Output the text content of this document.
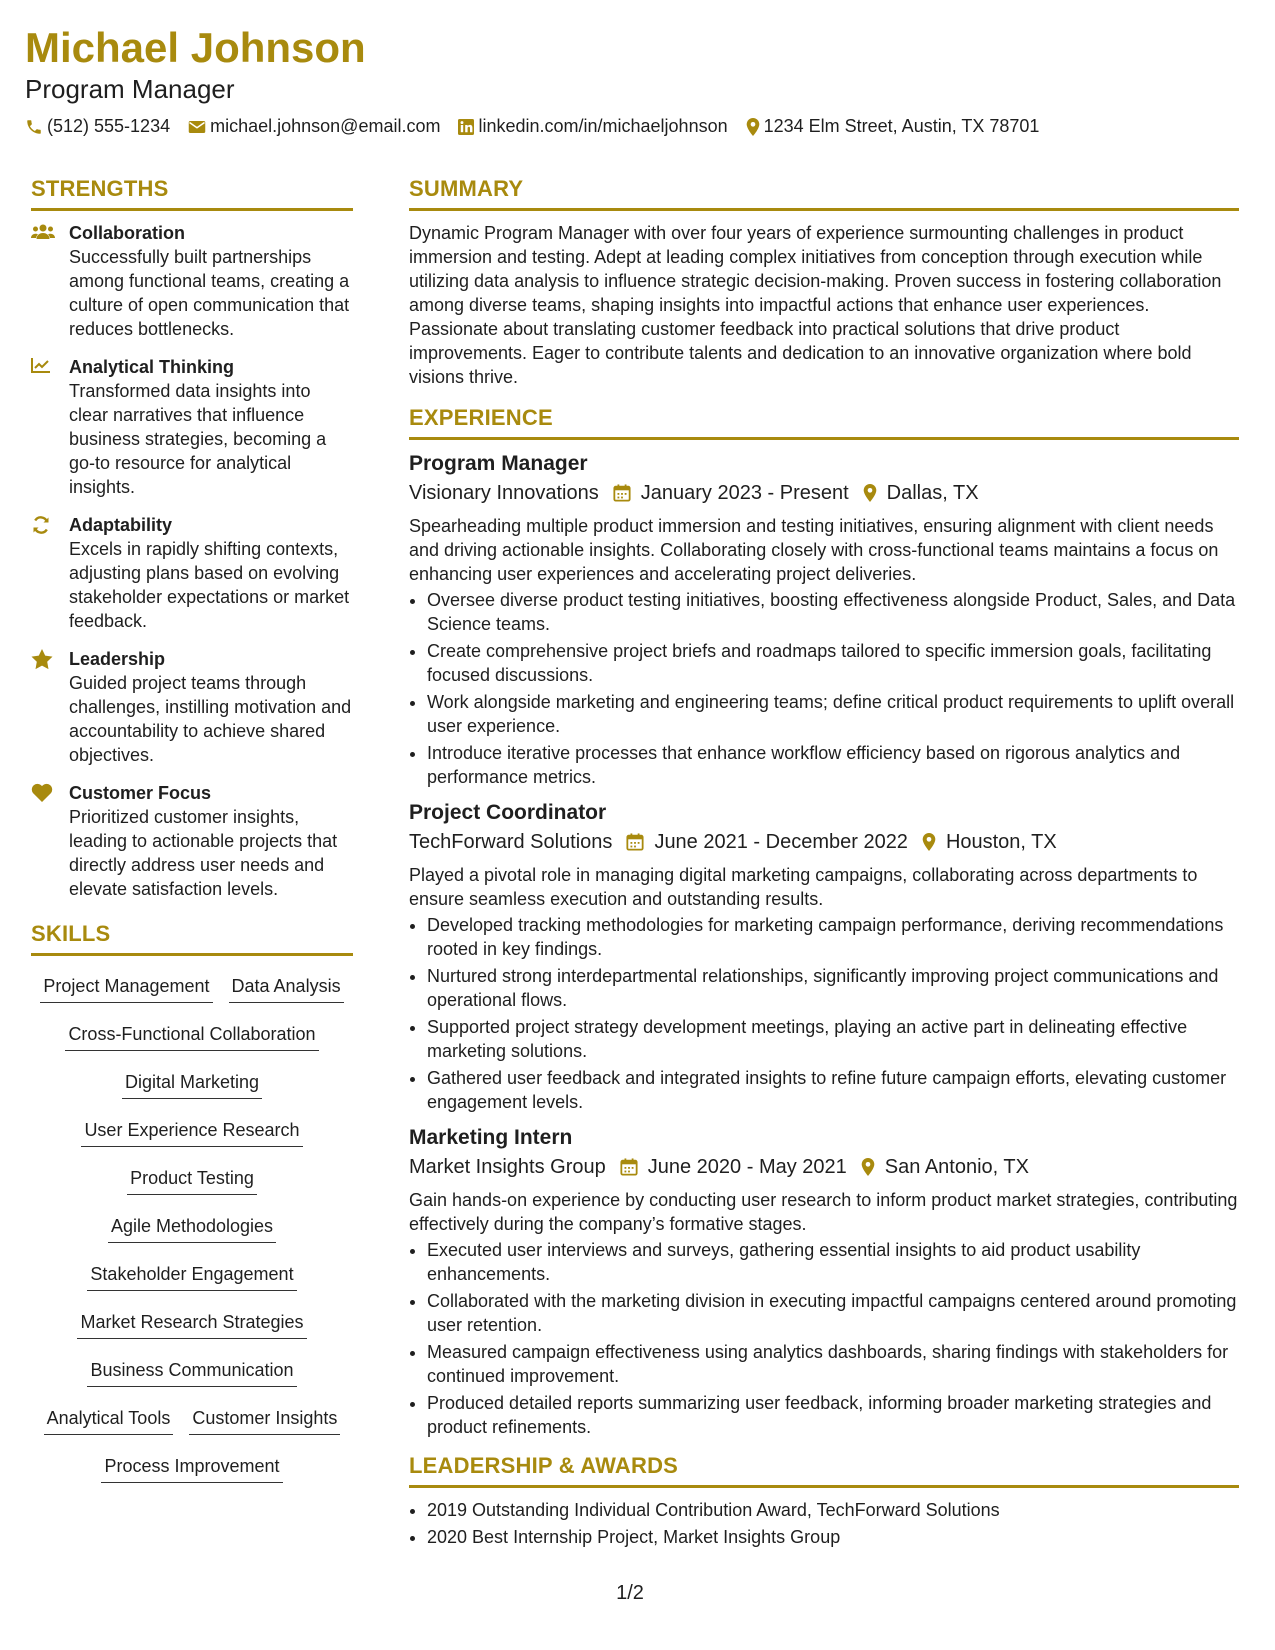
Michael Johnson

Program Manager

(512) 555-1234 michael.johnson@email.com linkedin.com/in/michaeljohnson 1234 Elm Street, Austin, TX 78701
STRENGTHS
Collaboration
Successfully built partnerships among functional teams, creating a culture of open communication that reduces bottlenecks.
Analytical Thinking
Transformed data insights into clear narratives that influence business strategies, becoming a go-to resource for analytical insights.
Adaptability
Excels in rapidly shifting contexts, adjusting plans based on evolving stakeholder expectations or market feedback.
Leadership
Guided project teams through challenges, instilling motivation and accountability to achieve shared objectives.
Customer Focus
Prioritized customer insights, leading to actionable projects that directly address user needs and elevate satisfaction levels.
SKILLS
Project Management Data Analysis
Cross-Functional Collaboration
Digital Marketing
User Experience Research
Product Testing
Agile Methodologies
Stakeholder Engagement
Market Research Strategies
Business Communication
Analytical Tools Customer Insights
Process Improvement
SUMMARY

Dynamic Program Manager with over four years of experience surmounting challenges in product immersion and testing. Adept at leading complex initiatives from conception through execution while utilizing data analysis to influence strategic decision-making. Proven success in fostering collaboration among diverse teams, shaping insights into impactful actions that enhance user experiences. Passionate about translating customer feedback into practical solutions that drive product improvements. Eager to contribute talents and dedication to an innovative organization where bold visions thrive.

EXPERIENCE

Program Manager

Visionary Innovations January 2023 - Present Dallas, TX

Spearheading multiple product immersion and testing initiatives, ensuring alignment with client needs and driving actionable insights. Collaborating closely with cross-functional teams maintains a focus on enhancing user experiences and accelerating project deliveries.

• Oversee diverse product testing initiatives, boosting effectiveness alongside Product, Sales, and Data Science teams.
• Create comprehensive project briefs and roadmaps tailored to specific immersion goals, facilitating focused discussions.
• Work alongside marketing and engineering teams; define critical product requirements to uplift overall user experience.
• Introduce iterative processes that enhance workflow efficiency based on rigorous analytics and performance metrics.

Project Coordinator

TechForward Solutions June 2021 - December 2022 Houston, TX

Played a pivotal role in managing digital marketing campaigns, collaborating across departments to ensure seamless execution and outstanding results.

• Developed tracking methodologies for marketing campaign performance, deriving recommendations rooted in key findings.
• Nurtured strong interdepartmental relationships, significantly improving project communications and operational flows.
• Supported project strategy development meetings, playing an active part in delineating effective marketing solutions.
• Gathered user feedback and integrated insights to refine future campaign efforts, elevating customer engagement levels.

Marketing Intern

Market Insights Group June 2020 - May 2021 San Antonio, TX

Gain hands-on experience by conducting user research to inform product market strategies, contributing effectively during the company’s formative stages.

• Executed user interviews and surveys, gathering essential insights to aid product usability enhancements.
• Collaborated with the marketing division in executing impactful campaigns centered around promoting user retention.
• Measured campaign effectiveness using analytics dashboards, sharing findings with stakeholders for continued improvement.
• Produced detailed reports summarizing user feedback, informing broader marketing strategies and product refinements.
LEADERSHIP & AWARDS
• 2019 Outstanding Individual Contribution Award, TechForward Solutions
• 2020 Best Internship Project, Market Insights Group
1/2
